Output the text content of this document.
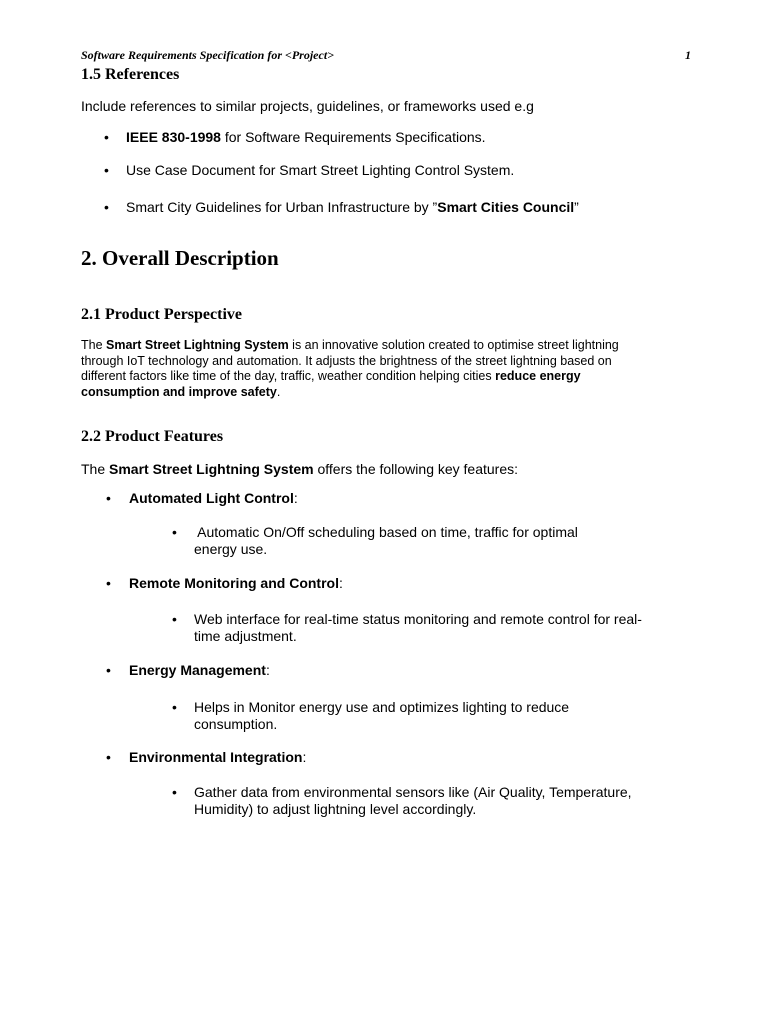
Software Requirements Specification for <Project>	1
1.5 References
Include references to similar projects, guidelines, or frameworks used e.g
• IEEE 830-1998 for Software Requirements Specifications.
• Use Case Document for Smart Street Lighting Control System.
• Smart City Guidelines for Urban Infrastructure by ”Smart Cities Council”
2. Overall Description
2.1 Product Perspective
The Smart Street Lightning System is an innovative solution created to optimise street lightning
through IoT technology and automation. It adjusts the brightness of the street lightning based on
different factors like time of the day, traffic, weather condition helping cities reduce energy
consumption and improve safety.
2.2 Product Features
The Smart Street Lightning System offers the following key features:
• Automated Light Control:
• Automatic On/Off scheduling based on time, traffic for optimal
energy use.
• Remote Monitoring and Control:
• Web interface for real-time status monitoring and remote control for real-
time adjustment.
• Energy Management:
• Helps in Monitor energy use and optimizes lighting to reduce
consumption.
• Environmental Integration:
• Gather data from environmental sensors like (Air Quality, Temperature,
Humidity) to adjust lightning level accordingly.
